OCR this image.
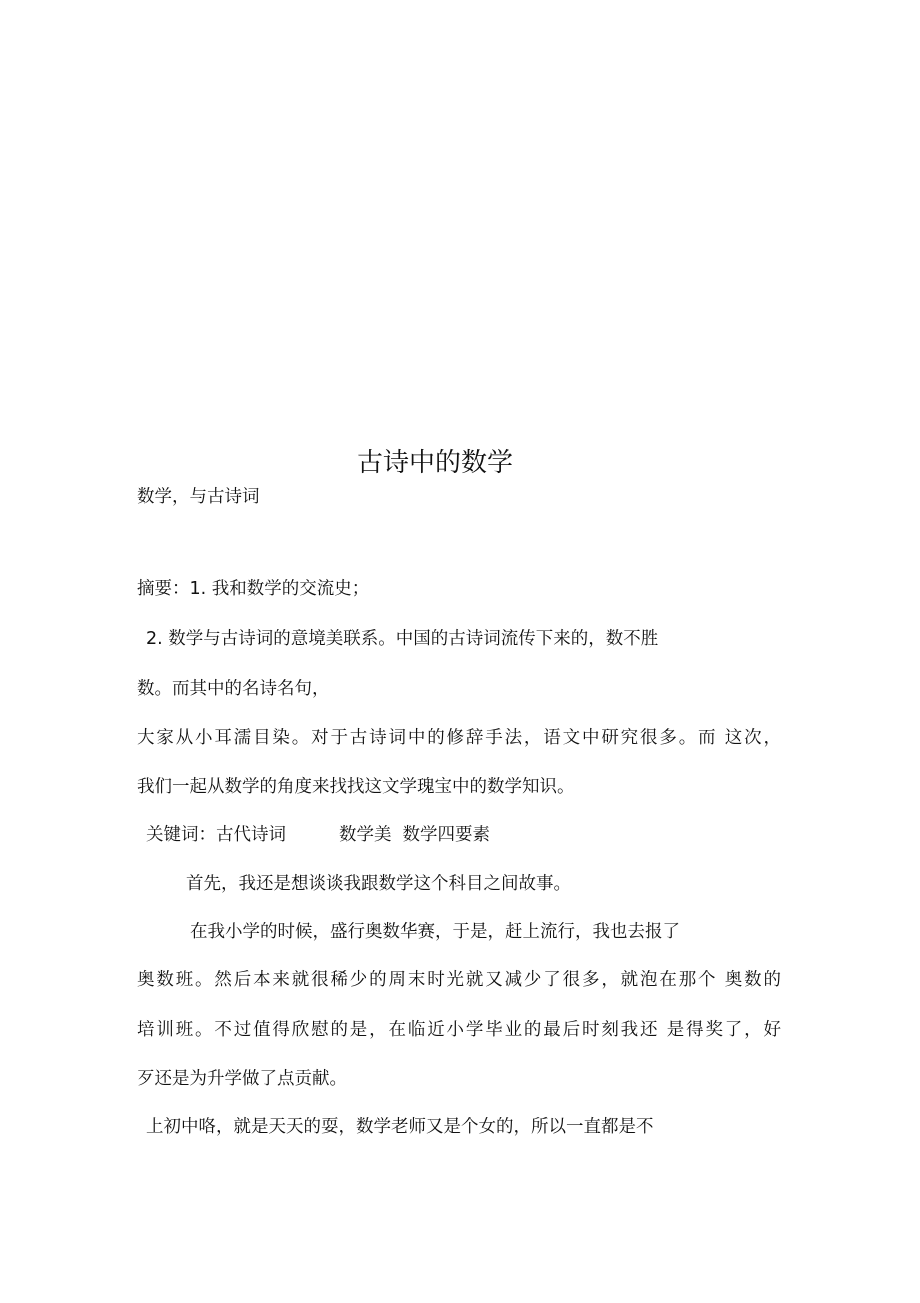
古诗中的数学
数学，与古诗词
摘要：1. 我和数学的交流史；
2. 数学与古诗词的意境美联系。中国的古诗词流传下来的，数不胜
数。而其中的名诗名句，
大家从小耳濡目染。对于古诗词中的修辞手法，语文中研究很多。而 这次，
我们一起从数学的角度来找找这文学瑰宝中的数学知识。
关键词：古代诗词	数学美 数学四要素
首先，我还是想谈谈我跟数学这个科目之间故事。
在我小学的时候，盛行奥数华赛，于是，赶上流行，我也去报了
奥数班。然后本来就很稀少的周末时光就又减少了很多，就泡在那个 奥数的
培训班。不过值得欣慰的是，在临近小学毕业的最后时刻我还 是得奖了，好
歹还是为升学做了点贡献。
上初中咯，就是天天的耍，数学老师又是个女的，所以一直都是不
